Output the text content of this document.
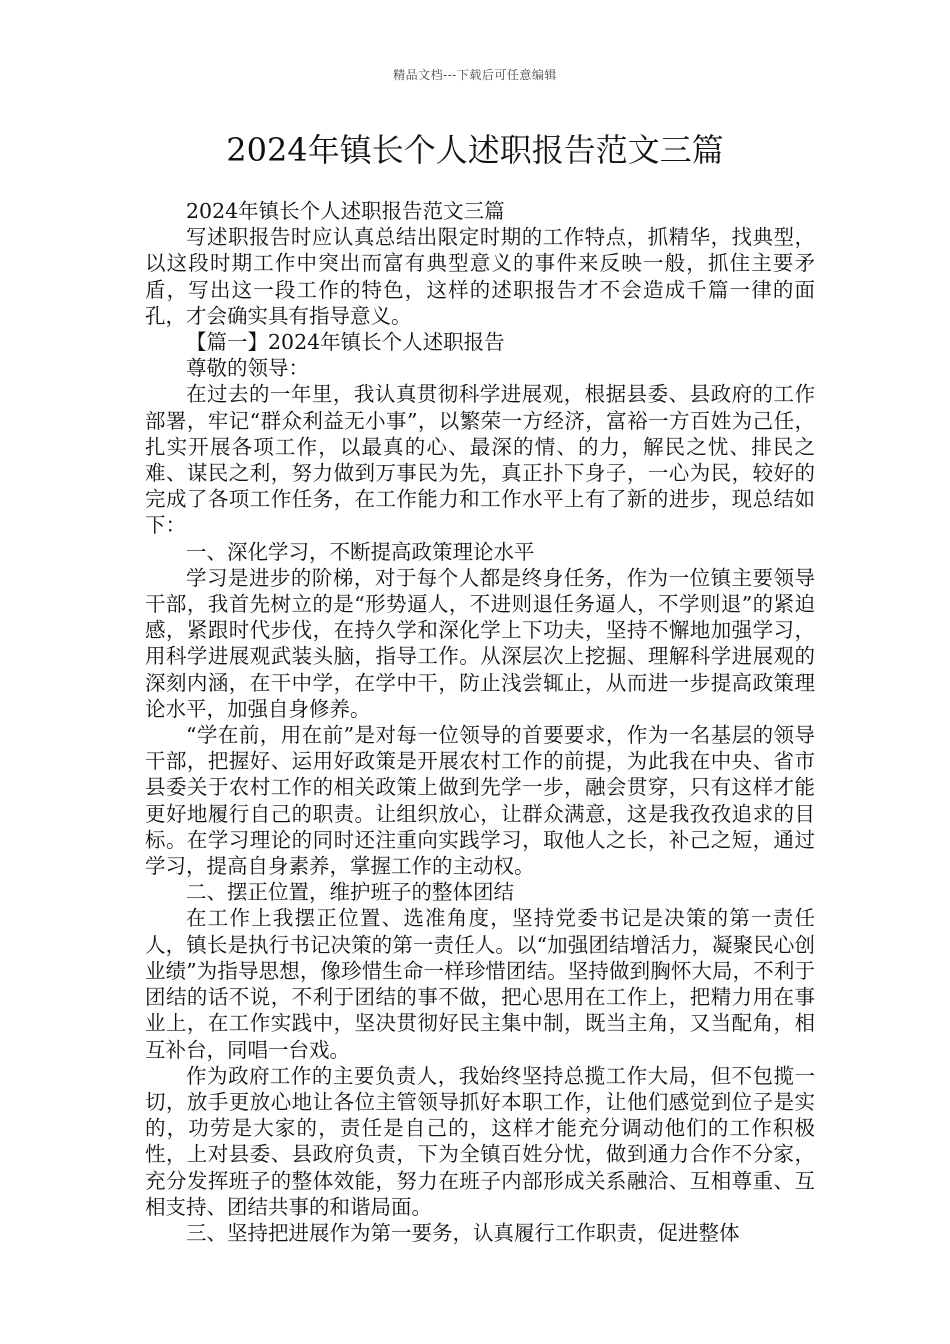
精品文档---下载后可任意编辑
2024年镇长个人述职报告范文三篇

2024年镇长个人述职报告范文三篇

写述职报告时应认真总结出限定时期的工作特点，抓精华，找典型，以这段时期工作中突出而富有典型意义的事件来反映一般，抓住主要矛盾，写出这一段工作的特色，这样的述职报告才不会造成千篇一律的面孔，才会确实具有指导意义。

【篇一】2024年镇长个人述职报告

尊敬的领导：

在过去的一年里，我认真贯彻科学进展观，根据县委、县政府的工作部署，牢记“群众利益无小事”，以繁荣一方经济，富裕一方百姓为己任，扎实开展各项工作，以最真的心、最深的情、的力，解民之忧、排民之难、谋民之利，努力做到万事民为先，真正扑下身子，一心为民，较好的完成了各项工作任务，在工作能力和工作水平上有了新的进步，现总结如下：

一、深化学习，不断提高政策理论水平

学习是进步的阶梯，对于每个人都是终身任务，作为一位镇主要领导干部，我首先树立的是“形势逼人，不进则退任务逼人，不学则退”的紧迫感，紧跟时代步伐，在持久学和深化学上下功夫，坚持不懈地加强学习，用科学进展观武装头脑，指导工作。从深层次上挖掘、理解科学进展观的深刻内涵，在干中学，在学中干，防止浅尝辄止，从而进一步提高政策理论水平，加强自身修养。

“学在前，用在前”是对每一位领导的首要要求，作为一名基层的领导干部，把握好、运用好政策是开展农村工作的前提，为此我在中央、省市县委关于农村工作的相关政策上做到先学一步，融会贯穿，只有这样才能更好地履行自己的职责。让组织放心，让群众满意，这是我孜孜追求的目标。在学习理论的同时还注重向实践学习，取他人之长，补己之短，通过学习，提高自身素养，掌握工作的主动权。

二、摆正位置，维护班子的整体团结

在工作上我摆正位置、选准角度，坚持党委书记是决策的第一责任人，镇长是执行书记决策的第一责任人。以“加强团结增活力，凝聚民心创业绩”为指导思想，像珍惜生命一样珍惜团结。坚持做到胸怀大局，不利于团结的话不说，不利于团结的事不做，把心思用在工作上，把精力用在事业上，在工作实践中，坚决贯彻好民主集中制，既当主角，又当配角，相互补台，同唱一台戏。

作为政府工作的主要负责人，我始终坚持总揽工作大局，但不包揽一切，放手更放心地让各位主管领导抓好本职工作，让他们感觉到位子是实的，功劳是大家的，责任是自己的，这样才能充分调动他们的工作积极性，上对县委、县政府负责，下为全镇百姓分忧，做到通力合作不分家，充分发挥班子的整体效能，努力在班子内部形成关系融洽、互相尊重、互相支持、团结共事的和谐局面。

三、坚持把进展作为第一要务，认真履行工作职责，促进整体
